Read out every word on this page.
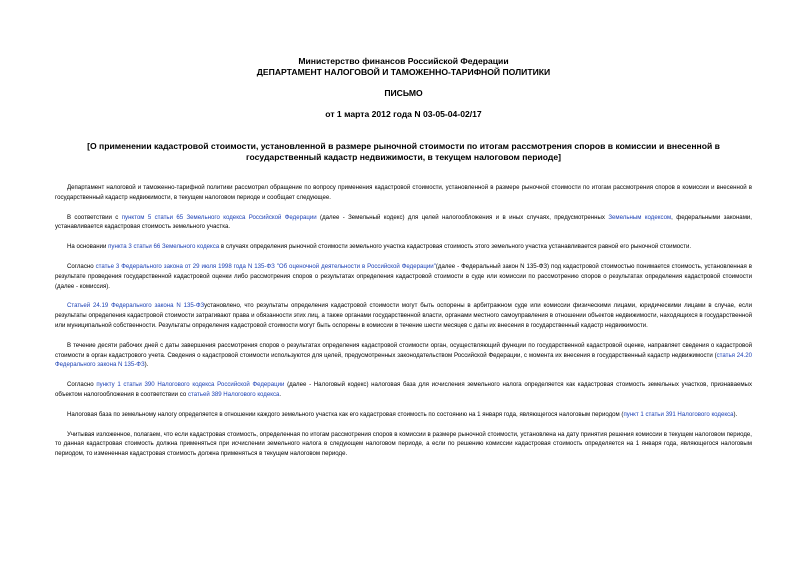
Министерство финансов Российской Федерации
ДЕПАРТАМЕНТ НАЛОГОВОЙ И ТАМОЖЕННО-ТАРИФНОЙ ПОЛИТИКИ
ПИСЬМО
от 1 марта 2012 года N 03-05-04-02/17
[О применении кадастровой стоимости, установленной в размере рыночной стоимости по итогам рассмотрения споров в комиссии и внесенной в государственный кадастр недвижимости, в текущем налоговом периоде]

Департамент налоговой и таможенно-тарифной политики рассмотрел обращение по вопросу применения кадастровой стоимости, установленной в размере рыночной стоимости по итогам рассмотрения споров в комиссии и внесенной в государственный кадастр недвижимости, в текущем налоговом периоде и сообщает следующее.

В соответствии с пунктом 5 статьи 65 Земельного кодекса Российской Федерации (далее - Земельный кодекс) для целей налогообложения и в иных случаях, предусмотренных Земельным кодексом, федеральными законами, устанавливается кадастровая стоимость земельного участка.

На основании пункта 3 статьи 66 Земельного кодекса в случаях определения рыночной стоимости земельного участка кадастровая стоимость этого земельного участка устанавливается равной его рыночной стоимости.

Согласно статье 3 Федерального закона от 29 июля 1998 года N 135-ФЗ "Об оценочной деятельности в Российской Федерации"(далее - Федеральный закон N 135-ФЗ) под кадастровой стоимостью понимается стоимость, установленная в результате проведения государственной кадастровой оценки либо рассмотрения споров о результатах определения кадастровой стоимости в суде или комиссии по рассмотрению споров о результатах определения кадастровой стоимости (далее - комиссия).

Статьей 24.19 Федерального закона N 135-ФЗустановлено, что результаты определения кадастровой стоимости могут быть оспорены в арбитражном суде или комиссии физическими лицами, юридическими лицами в случае, если результаты определения кадастровой стоимости затрагивают права и обязанности этих лиц, а также органами государственной власти, органами местного самоуправления в отношении объектов недвижимости, находящихся в государственной или муниципальной собственности. Результаты определения кадастровой стоимости могут быть оспорены в комиссии в течение шести месяцев с даты их внесения в государственный кадастр недвижимости.

В течение десяти рабочих дней с даты завершения рассмотрения споров о результатах определения кадастровой стоимости орган, осуществляющий функции по государственной кадастровой оценке, направляет сведения о кадастровой стоимости в орган кадастрового учета. Сведения о кадастровой стоимости используются для целей, предусмотренных законодательством Российской Федерации, с момента их внесения в государственный кадастр недвижимости (статья 24.20 Федерального закона N 135-ФЗ).

Согласно пункту 1 статьи 390 Налогового кодекса Российской Федерации (далее - Налоговый кодекс) налоговая база для исчисления земельного налога определяется как кадастровая стоимость земельных участков, признаваемых объектом налогообложения в соответствии со статьей 389 Налогового кодекса.

Налоговая база по земельному налогу определяется в отношении каждого земельного участка как его кадастровая стоимость по состоянию на 1 января года, являющегося налоговым периодом (пункт 1 статьи 391 Налогового кодекса).

Учитывая изложенное, полагаем, что если кадастровая стоимость, определенная по итогам рассмотрения споров в комиссии в размере рыночной стоимости, установлена на дату принятия решения комиссии в текущем налоговом периоде, то данная кадастровая стоимость должна применяться при исчислении земельного налога в следующем налоговом периоде, а если по решению комиссии кадастровая стоимость определяется на 1 января года, являющегося налоговым периодом, то измененная кадастровая стоимость должна применяться в текущем налоговом периоде.
